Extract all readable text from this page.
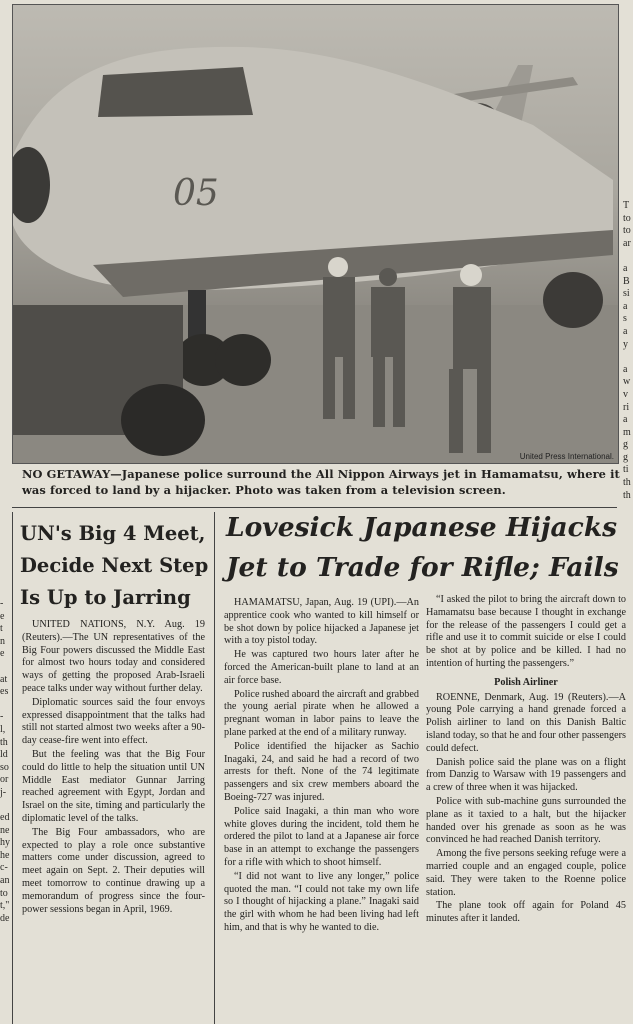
05
United Press International.
NO GETAWAY—Japanese police surround the All Nippon Airways jet in Hamamatsu, where it was forced to land by a hijacker. Photo was taken from a television screen.
UN's Big 4 Meet,
Decide Next Step
Is Up to Jarring

UNITED NATIONS, N.Y. Aug. 19 (Reuters).—The UN representatives of the Big Four powers discussed the Middle East for almost two hours today and considered ways of getting the proposed Arab-Israeli peace talks under way without further delay.

Diplomatic sources said the four envoys expressed disappointment that the talks had still not started almost two weeks after a 90-day cease-fire went into effect.

But the feeling was that the Big Four could do little to help the situation until UN Middle East mediator Gunnar Jarring reached agreement with Egypt, Jordan and Israel on the site, timing and particularly the diplomatic level of the talks.

The Big Four ambassadors, who are expected to play a role once substantive matters come under discussion, agreed to meet again on Sept. 2. Their deputies will meet tomorrow to continue drawing up a memorandum of progress since the four-power sessions began in April, 1969.

Lovesick Japanese Hijacks
Jet to Trade for Rifle; Fails

HAMAMATSU, Japan, Aug. 19 (UPI).—An apprentice cook who wanted to kill himself or be shot down by police hijacked a Japanese jet with a toy pistol today.

He was captured two hours later after he forced the American-built plane to land at an air force base.

Police rushed aboard the aircraft and grabbed the young aerial pirate when he allowed a pregnant woman in labor pains to leave the plane parked at the end of a military runway.

Police identified the hijacker as Sachio Inagaki, 24, and said he had a record of two arrests for theft. None of the 74 legitimate passengers and six crew members aboard the Boeing-727 was injured.

Police said Inagaki, a thin man who wore white gloves during the incident, told them he ordered the pilot to land at a Japanese air force base in an attempt to exchange the passengers for a rifle with which to shoot himself.

“I did not want to live any longer,” police quoted the man. “I could not take my own life so I thought of hijacking a plane.” Inagaki said the girl with whom he had been living had left him, and that is why he wanted to die.

“I asked the pilot to bring the aircraft down to Hamamatsu base because I thought in exchange for the release of the passengers I could get a rifle and use it to commit suicide or else I could be shot at by police and be killed. I had no intention of hurting the passengers.”

Polish Airliner

ROENNE, Denmark, Aug. 19 (Reuters).—A young Pole carrying a hand grenade forced a Polish airliner to land on this Danish Baltic island today, so that he and four other passengers could defect.

Danish police said the plane was on a flight from Danzig to Warsaw with 19 passengers and a crew of three when it was hijacked.

Police with sub-machine guns surrounded the plane as it taxied to a halt, but the hijacker handed over his grenade as soon as he was convinced he had reached Danish territory.

Among the five persons seeking refuge were a married couple and an engaged couple, police said. They were taken to the Roenne police station.

The plane took off again for Poland 45 minutes after it landed.

-
e
t
n
e
at
es
-
l,
th
ld
so
or
j-
ed
ne
hy
he
c-
an
to
t,"
de
T
to
to
ar
a
B
si
a
s
a
y
a
w
v
ri
a
m
g
g
ti
th
th
